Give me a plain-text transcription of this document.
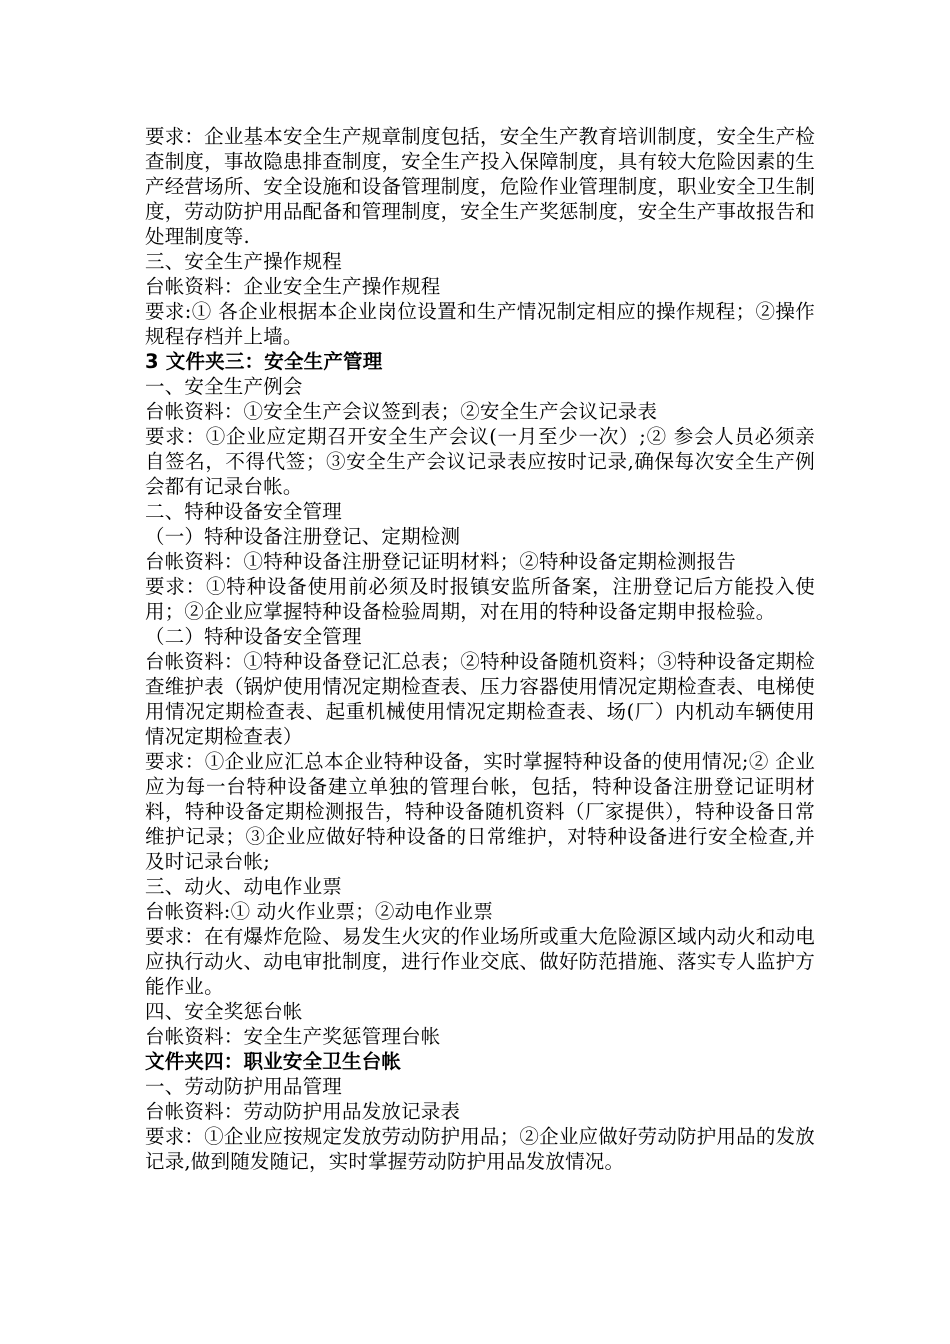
要求：企业基本安全生产规章制度包括，安全生产教育培训制度，安全生产检查制度，事故隐患排查制度，安全生产投入保障制度，具有较大危险因素的生产经营场所、安全设施和设备管理制度，危险作业管理制度，职业安全卫生制度，劳动防护用品配备和管理制度，安全生产奖惩制度，安全生产事故报告和处理制度等.

三、安全生产操作规程

台帐资料：企业安全生产操作规程

要求:① 各企业根据本企业岗位设置和生产情况制定相应的操作规程；②操作规程存档并上墙。

3 文件夹三：安全生产管理

一、安全生产例会

台帐资料：①安全生产会议签到表；②安全生产会议记录表

要求：①企业应定期召开安全生产会议(一月至少一次）;② 参会人员必须亲自签名，不得代签；③安全生产会议记录表应按时记录,确保每次安全生产例会都有记录台帐。

二、特种设备安全管理

（一）特种设备注册登记、定期检测

台帐资料：①特种设备注册登记证明材料；②特种设备定期检测报告

要求：①特种设备使用前必须及时报镇安监所备案，注册登记后方能投入使用；②企业应掌握特种设备检验周期，对在用的特种设备定期申报检验。

（二）特种设备安全管理

台帐资料：①特种设备登记汇总表；②特种设备随机资料；③特种设备定期检查维护表（锅炉使用情况定期检查表、压力容器使用情况定期检查表、电梯使用情况定期检查表、起重机械使用情况定期检查表、场(厂）内机动车辆使用情况定期检查表）

要求：①企业应汇总本企业特种设备，实时掌握特种设备的使用情况;② 企业应为每一台特种设备建立单独的管理台帐，包括，特种设备注册登记证明材料，特种设备定期检测报告，特种设备随机资料（厂家提供），特种设备日常维护记录；③企业应做好特种设备的日常维护，对特种设备进行安全检查,并及时记录台帐;

三、动火、动电作业票

台帐资料:① 动火作业票；②动电作业票

要求：在有爆炸危险、易发生火灾的作业场所或重大危险源区域内动火和动电应执行动火、动电审批制度，进行作业交底、做好防范措施、落实专人监护方能作业。

四、安全奖惩台帐

台帐资料：安全生产奖惩管理台帐

文件夹四：职业安全卫生台帐

一、劳动防护用品管理

台帐资料：劳动防护用品发放记录表

要求：①企业应按规定发放劳动防护用品；②企业应做好劳动防护用品的发放记录,做到随发随记，实时掌握劳动防护用品发放情况。
